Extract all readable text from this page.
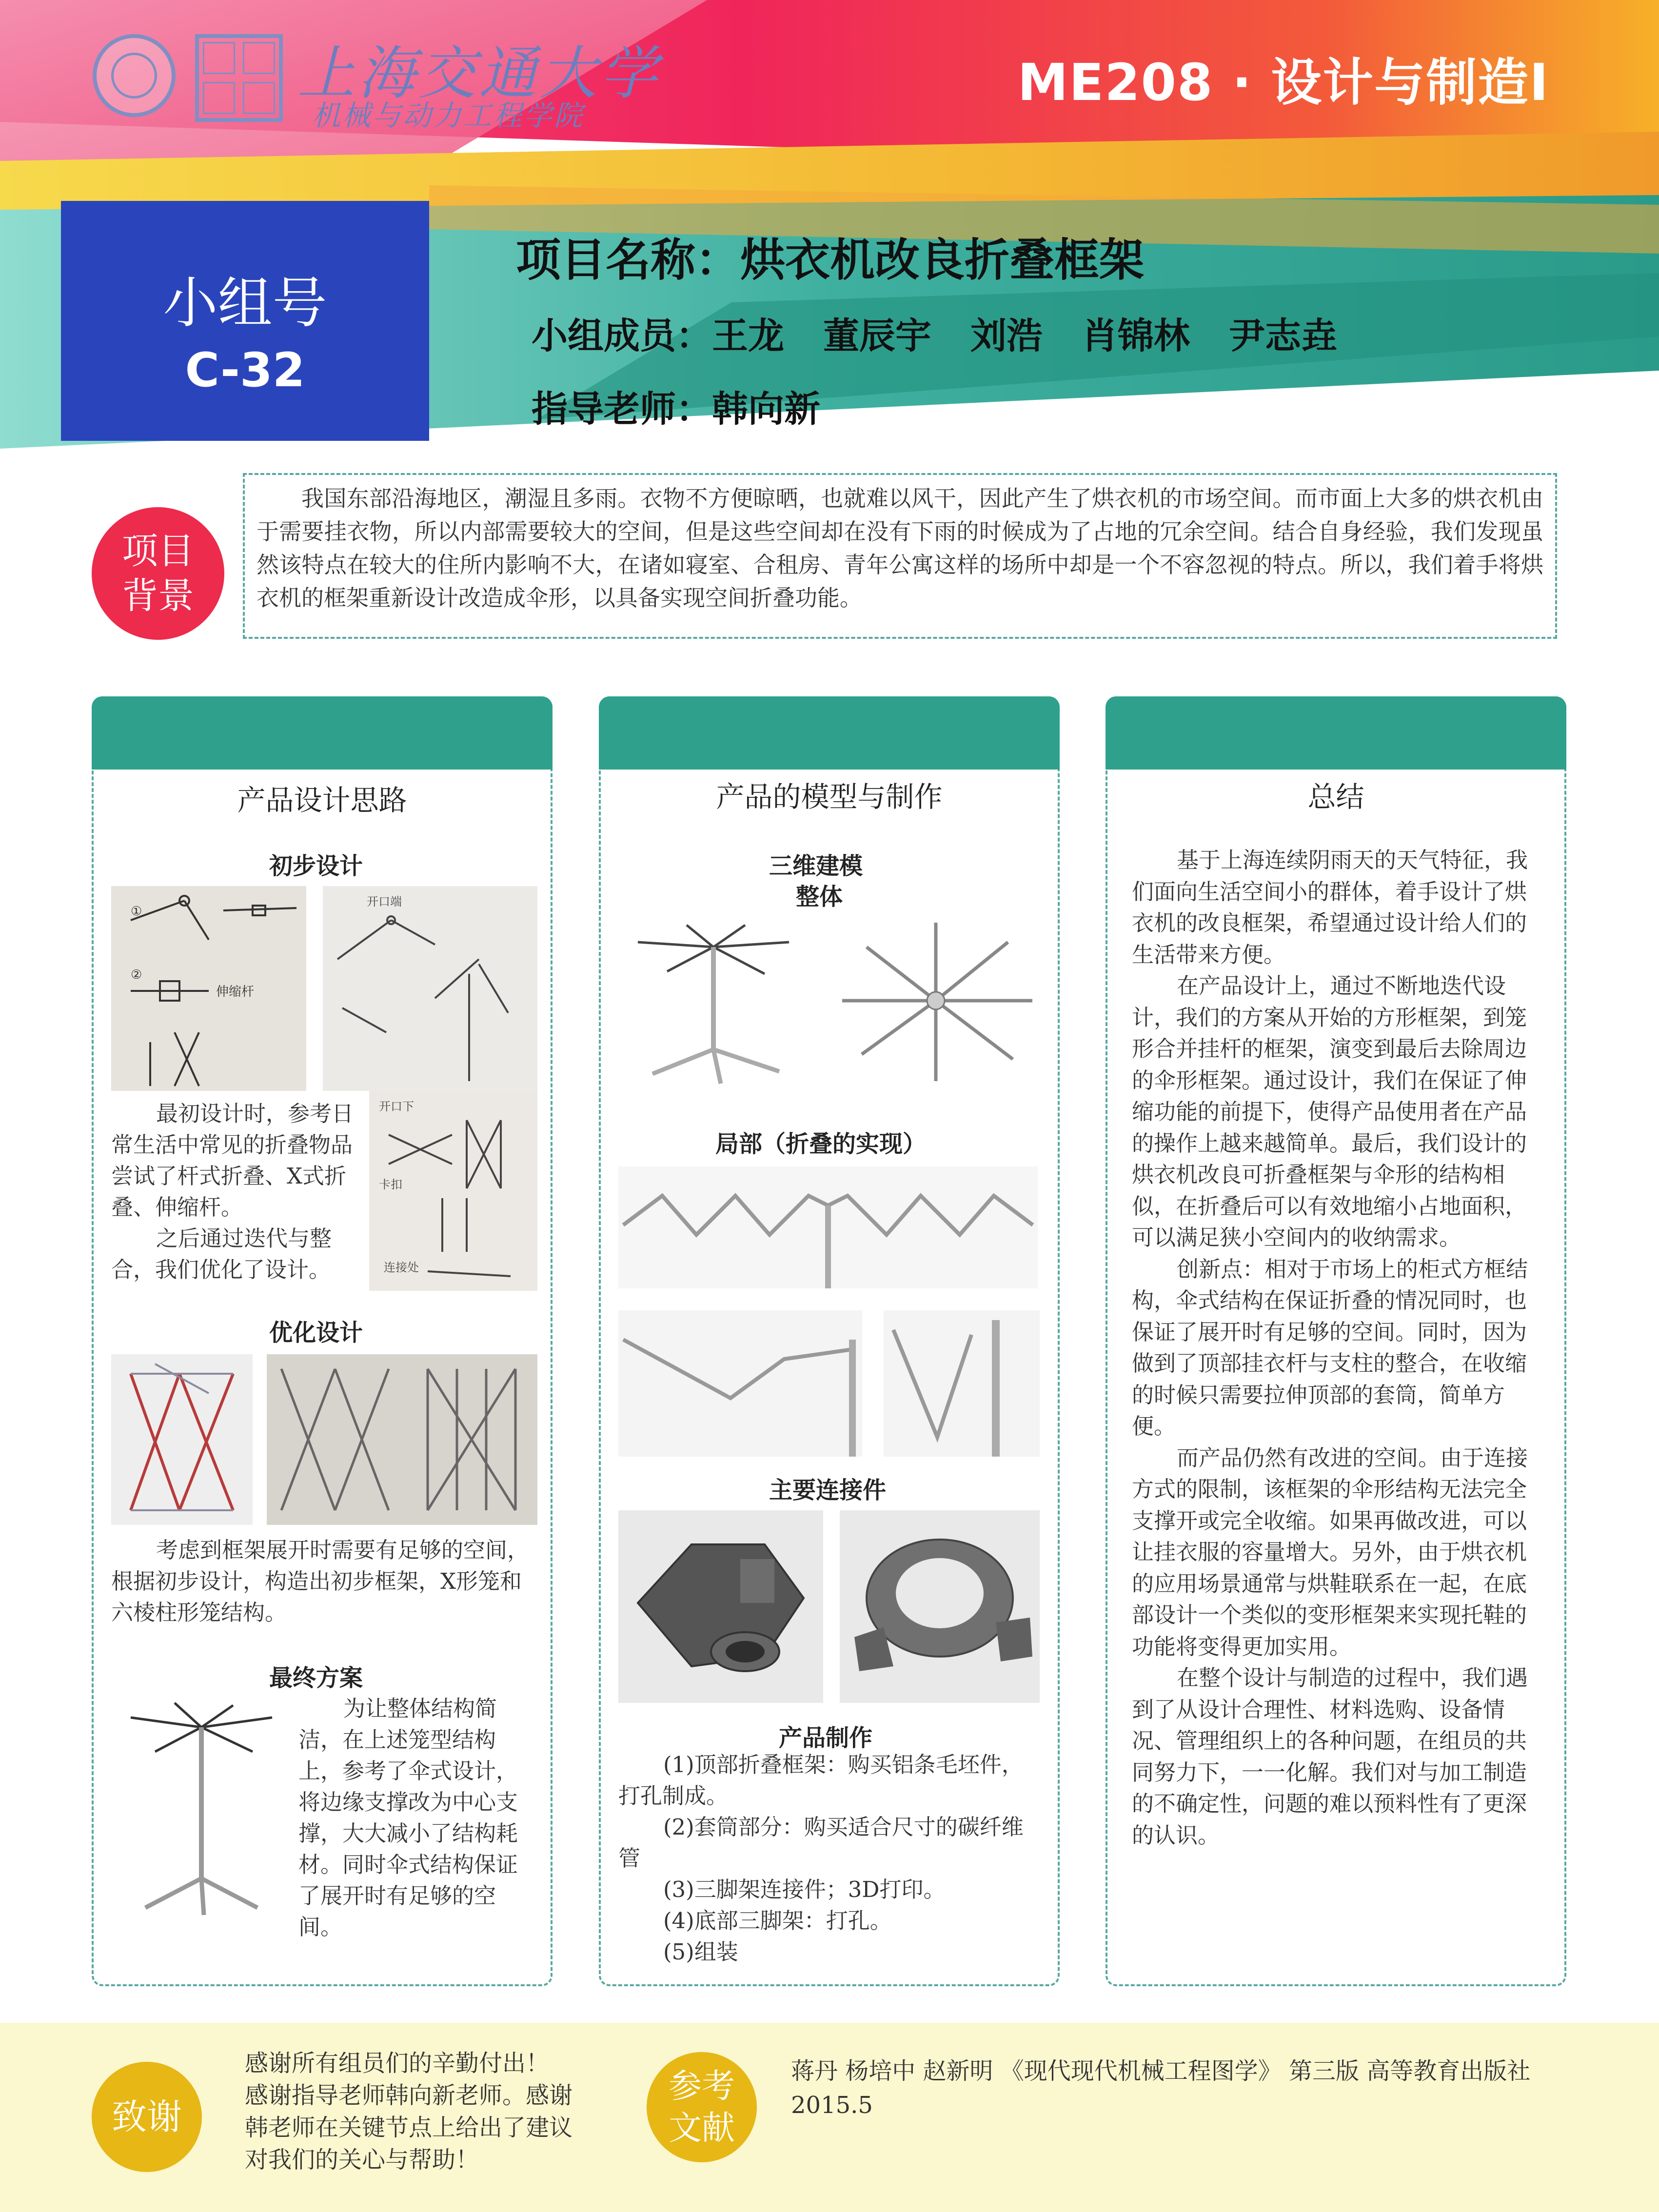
上海交通大学
机械与动力工程学院
ME208 · 设计与制造I
小组号
C-32
项目名称：烘衣机改良折叠框架
小组成员：王龙 董辰宇 刘浩 肖锦林 尹志垚
指导老师：韩向新
项目
背景

我国东部沿海地区，潮湿且多雨。衣物不方便晾晒，也就难以风干，因此产生了烘衣机的市场空间。而市面上大多的烘衣机由于需要挂衣物，所以内部需要较大的空间，但是这些空间却在没有下雨的时候成为了占地的冗余空间。结合自身经验，我们发现虽然该特点在较大的住所内影响不大，在诸如寝室、合租房、青年公寓这样的场所中却是一个不容忽视的特点。所以，我们着手将烘衣机的框架重新设计改造成伞形，以具备实现空间折叠功能。

产品设计思路
初步设计
①
②
伸缩杆
开口端

最初设计时，参考日常生活中常见的折叠物品尝试了杆式折叠、X式折叠、伸缩杆。

之后通过迭代与整合，我们优化了设计。

开口下
连接处
卡扣
优化设计

考虑到框架展开时需要有足够的空间，根据初步设计，构造出初步框架，X形笼和六棱柱形笼结构。

最终方案

为让整体结构简洁，在上述笼型结构上，参考了伞式设计，将边缘支撑改为中心支撑，大大减小了结构耗材。同时伞式结构保证了展开时有足够的空间。

产品的模型与制作
三维建模
整体
局部（折叠的实现）
主要连接件
产品制作

(1)顶部折叠框架：购买铝条毛坯件，打孔制成。

(2)套筒部分：购买适合尺寸的碳纤维管

(3)三脚架连接件；3D打印。

(4)底部三脚架：打孔。

(5)组装

总结

基于上海连续阴雨天的天气特征，我们面向生活空间小的群体，着手设计了烘衣机的改良框架，希望通过设计给人们的生活带来方便。

在产品设计上，通过不断地迭代设计，我们的方案从开始的方形框架，到笼形合并挂杆的框架，演变到最后去除周边的伞形框架。通过设计，我们在保证了伸缩功能的前提下，使得产品使用者在产品的操作上越来越简单。最后，我们设计的烘衣机改良可折叠框架与伞形的结构相似，在折叠后可以有效地缩小占地面积，可以满足狭小空间内的收纳需求。

创新点：相对于市场上的柜式方框结构，伞式结构在保证折叠的情况同时，也保证了展开时有足够的空间。同时，因为做到了顶部挂衣杆与支柱的整合，在收缩的时候只需要拉伸顶部的套筒，简单方便。

而产品仍然有改进的空间。由于连接方式的限制，该框架的伞形结构无法完全支撑开或完全收缩。如果再做改进，可以让挂衣服的容量增大。另外，由于烘衣机的应用场景通常与烘鞋联系在一起，在底部设计一个类似的变形框架来实现托鞋的功能将变得更加实用。

在整个设计与制造的过程中，我们遇到了从设计合理性、材料选购、设备情况、管理组织上的各种问题，在组员的共同努力下，一一化解。我们对与加工制造的不确定性，问题的难以预料性有了更深的认识。

致谢
感谢所有组员们的辛勤付出！
感谢指导老师韩向新老师。感谢
韩老师在关键节点上给出了建议
对我们的关心与帮助！
参考
文献
蒋丹 杨培中 赵新明 《现代现代机械工程图学》 第三版 高等教育出版社 2015.5
